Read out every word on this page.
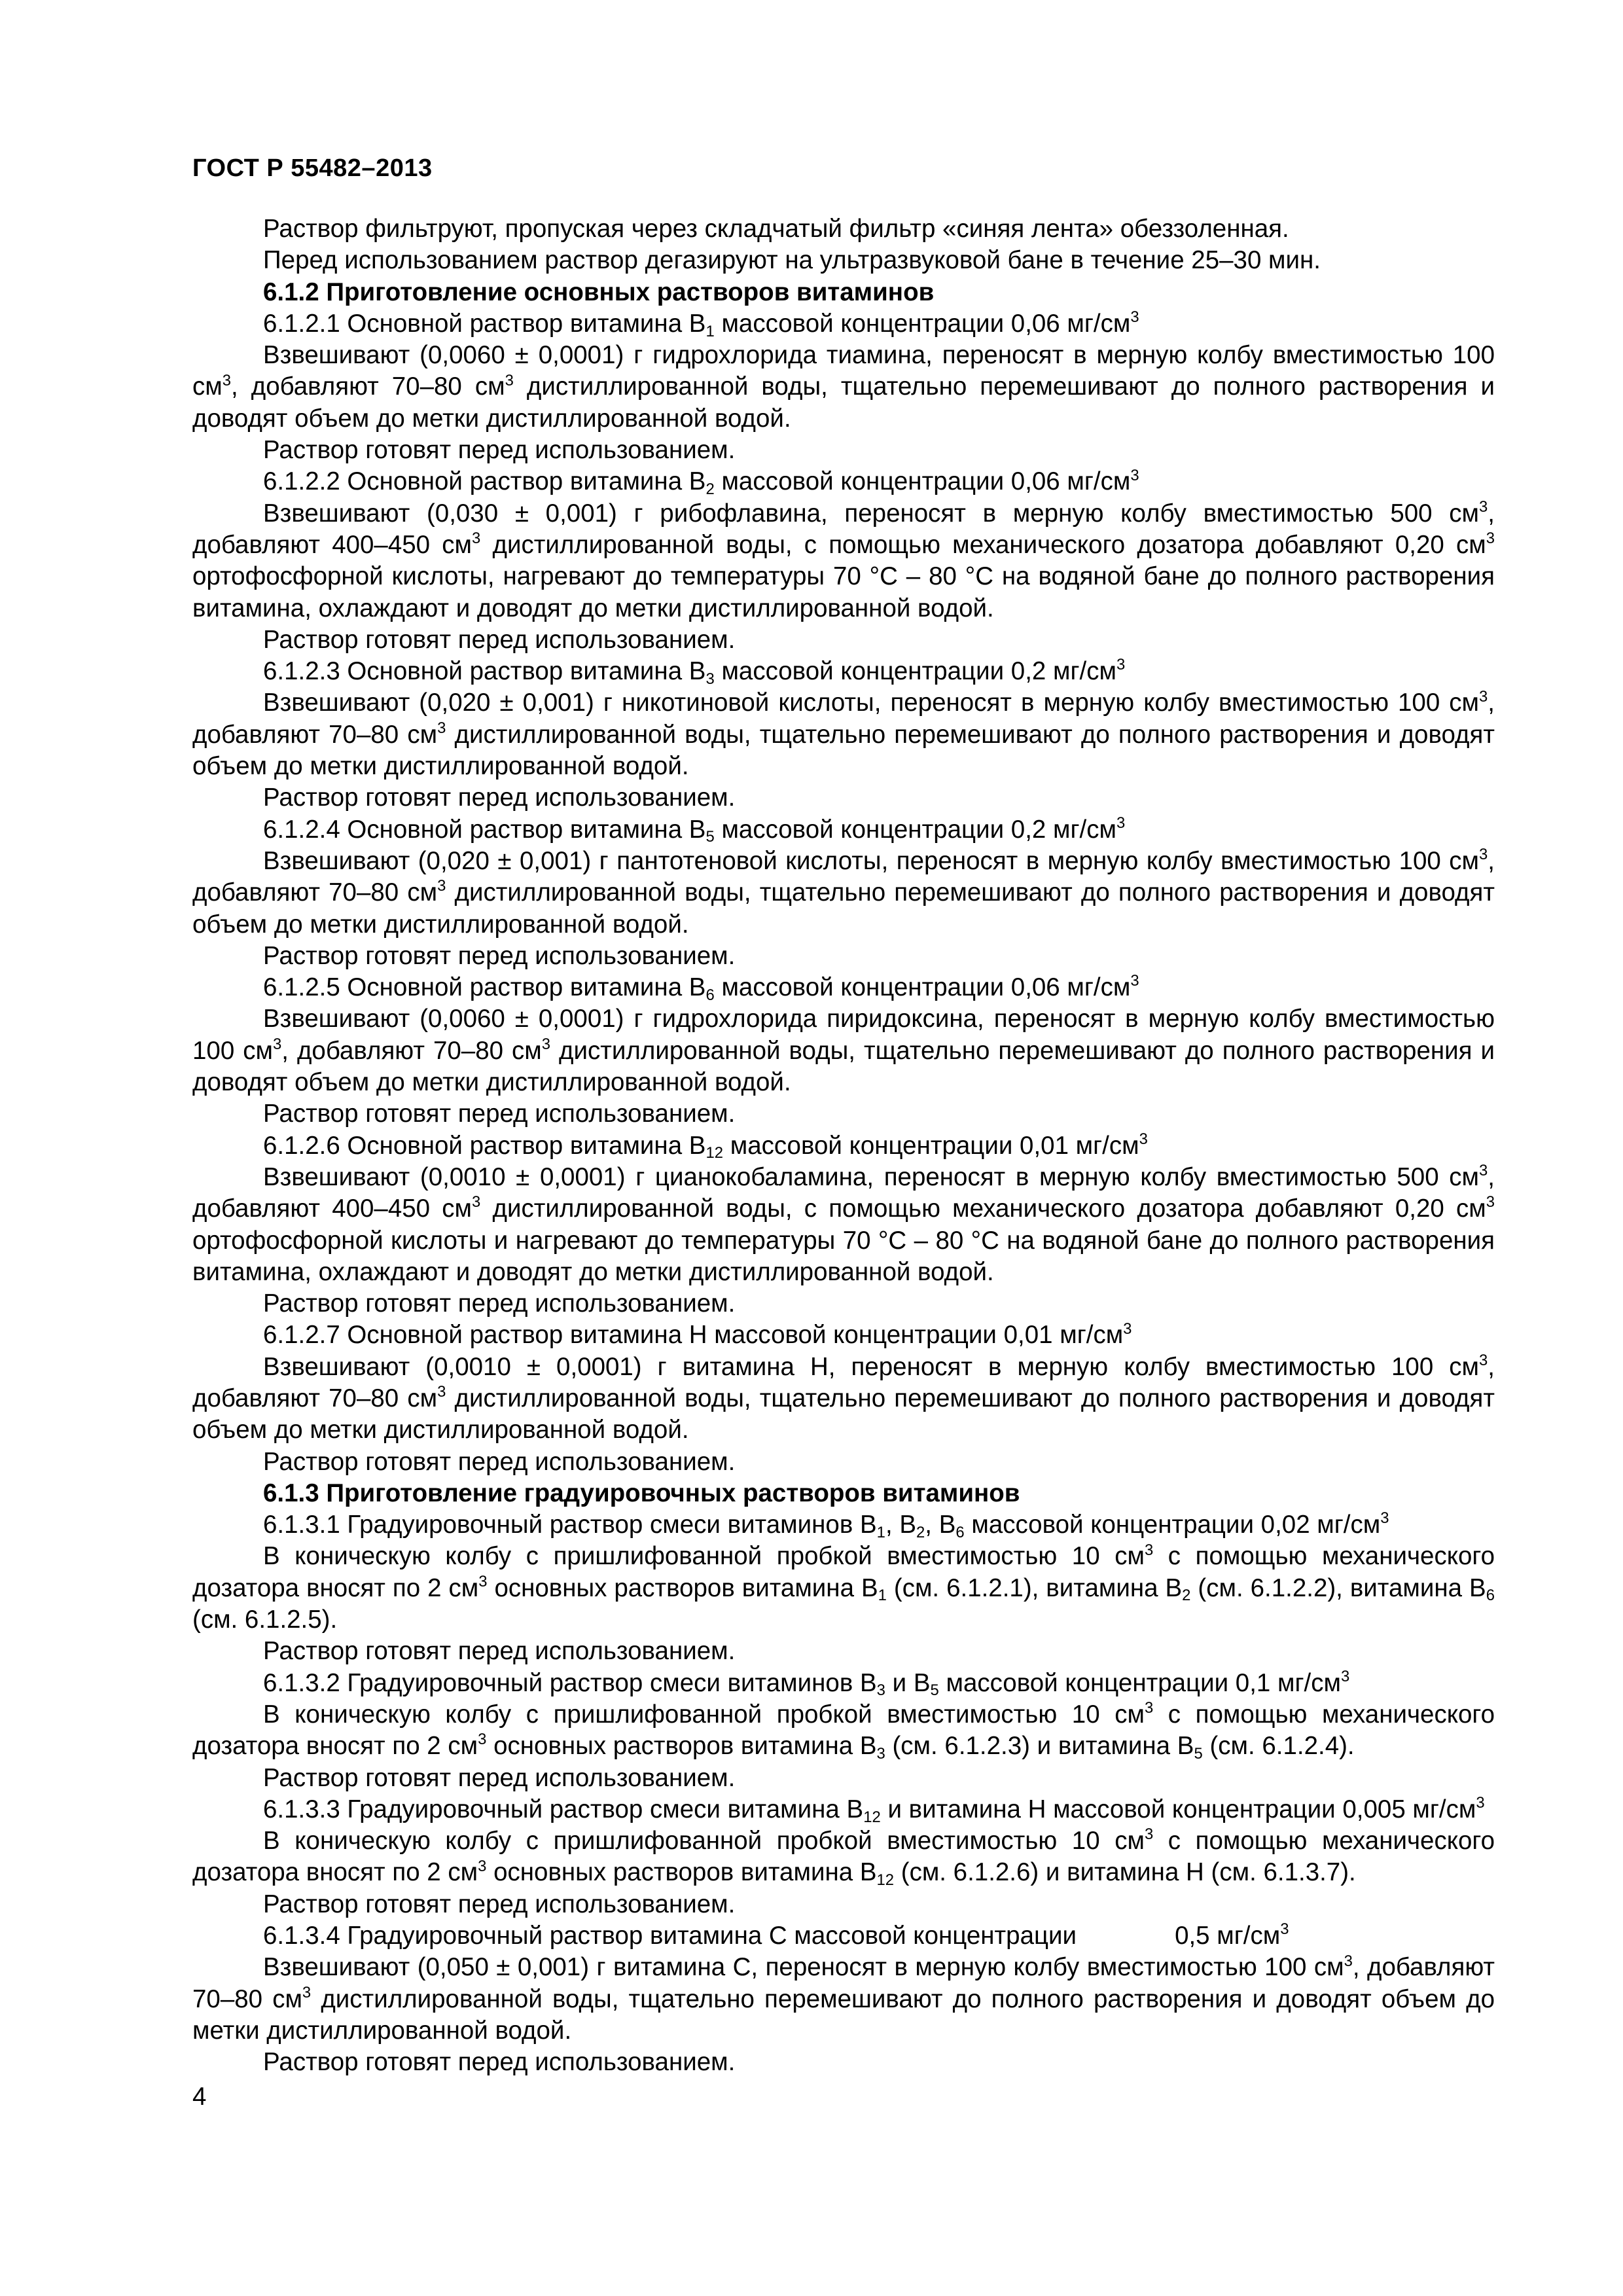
ГОСТ Р 55482–2013

Раствор фильтруют, пропуская через складчатый фильтр «синяя лента» обеззоленная.

Перед использованием раствор дегазируют на ультразвуковой бане в течение 25–30 мин.

6.1.2 Приготовление основных растворов витаминов

6.1.2.1 Основной раствор витамина $В_1$ массовой концентрации 0,06 $мг/см^3$

Взвешивают (0,0060 ± 0,0001) г гидрохлорида тиамина, переносят в мерную колбу вместимостью 100 $см^3$, добавляют 70–80 $см^3$ дистиллированной воды, тщательно перемешивают до полного растворения и доводят объем до метки дистиллированной водой.

Раствор готовят перед использованием.

6.1.2.2 Основной раствор витамина $В_2$ массовой концентрации 0,06 $мг/см^3$

Взвешивают (0,030 ± 0,001) г рибофлавина, переносят в мерную колбу вместимостью 500 $см^3$, добавляют 400–450 $см^3$ дистиллированной воды, с помощью механического дозатора добавляют 0,20 $см^3$ ортофосфорной кислоты, нагревают до температуры 70 °С – 80 °С на водяной бане до полного растворения витамина, охлаждают и доводят до метки дистиллированной водой.

Раствор готовят перед использованием.

6.1.2.3 Основной раствор витамина $В_3$ массовой концентрации 0,2 $мг/см^3$

Взвешивают (0,020 ± 0,001) г никотиновой кислоты, переносят в мерную колбу вместимостью 100 $см^3$, добавляют 70–80 $см^3$ дистиллированной воды, тщательно перемешивают до полного растворения и доводят объем до метки дистиллированной водой.

Раствор готовят перед использованием.

6.1.2.4 Основной раствор витамина $В_5$ массовой концентрации 0,2 $мг/см^3$

Взвешивают (0,020 ± 0,001) г пантотеновой кислоты, переносят в мерную колбу вместимостью 100 $см^3$, добавляют 70–80 $см^3$ дистиллированной воды, тщательно перемешивают до полного растворения и доводят объем до метки дистиллированной водой.

Раствор готовят перед использованием.

6.1.2.5 Основной раствор витамина $В_6$ массовой концентрации 0,06 $мг/см^3$

Взвешивают (0,0060 ± 0,0001) г гидрохлорида пиридоксина, переносят в мерную колбу вместимостью 100 $см^3$, добавляют 70–80 $см^3$ дистиллированной воды, тщательно перемешивают до полного растворения и доводят объем до метки дистиллированной водой.

Раствор готовят перед использованием.

6.1.2.6 Основной раствор витамина $В_{12}$ массовой концентрации 0,01 $мг/см^3$

Взвешивают (0,0010 ± 0,0001) г цианокобаламина, переносят в мерную колбу вместимостью 500 $см^3$, добавляют 400–450 $см^3$ дистиллированной воды, с помощью механического дозатора добавляют 0,20 $см^3$ ортофосфорной кислоты и нагревают до температуры 70 °С – 80 °С на водяной бане до полного растворения витамина, охлаждают и доводят до метки дистиллированной водой.

Раствор готовят перед использованием.

6.1.2.7 Основной раствор витамина Н массовой концентрации 0,01 $мг/см^3$

Взвешивают (0,0010 ± 0,0001) г витамина Н, переносят в мерную колбу вместимостью 100 $см^3$, добавляют 70–80 $см^3$ дистиллированной воды, тщательно перемешивают до полного растворения и доводят объем до метки дистиллированной водой.

Раствор готовят перед использованием.

6.1.3 Приготовление градуировочных растворов витаминов

6.1.3.1 Градуировочный раствор смеси витаминов $В_1$, $В_2$, $В_6$ массовой концентрации 0,02 $мг/см^3$

В коническую колбу с пришлифованной пробкой вместимостью 10 $см^3$ с помощью механического дозатора вносят по 2 $см^3$ основных растворов витамина $В_1$ (см. 6.1.2.1), витамина $В_2$ (см. 6.1.2.2), витамина $В_6$ (см. 6.1.2.5).

Раствор готовят перед использованием.

6.1.3.2 Градуировочный раствор смеси витаминов $В_3$ и $В_5$ массовой концентрации 0,1 $мг/см^3$

В коническую колбу с пришлифованной пробкой вместимостью 10 $см^3$ с помощью механического дозатора вносят по 2 $см^3$ основных растворов витамина $В_3$ (см. 6.1.2.3) и витамина $В_5$ (см. 6.1.2.4).

Раствор готовят перед использованием.

6.1.3.3 Градуировочный раствор смеси витамина $В_{12}$ и витамина Н массовой концентрации 0,005 $мг/см^3$

В коническую колбу с пришлифованной пробкой вместимостью 10 $см^3$ с помощью механического дозатора вносят по 2 $см^3$ основных растворов витамина $В_{12}$ (см. 6.1.2.6) и витамина Н (см. 6.1.3.7).

Раствор готовят перед использованием.

6.1.3.4 Градуировочный раствор витамина С массовой концентрации	0,5 $мг/см^3$

Взвешивают (0,050 ± 0,001) г витамина С, переносят в мерную колбу вместимостью 100 $см^3$, добавляют 70–80 $см^3$ дистиллированной воды, тщательно перемешивают до полного растворения и доводят объем до метки дистиллированной водой.

Раствор готовят перед использованием.

4
